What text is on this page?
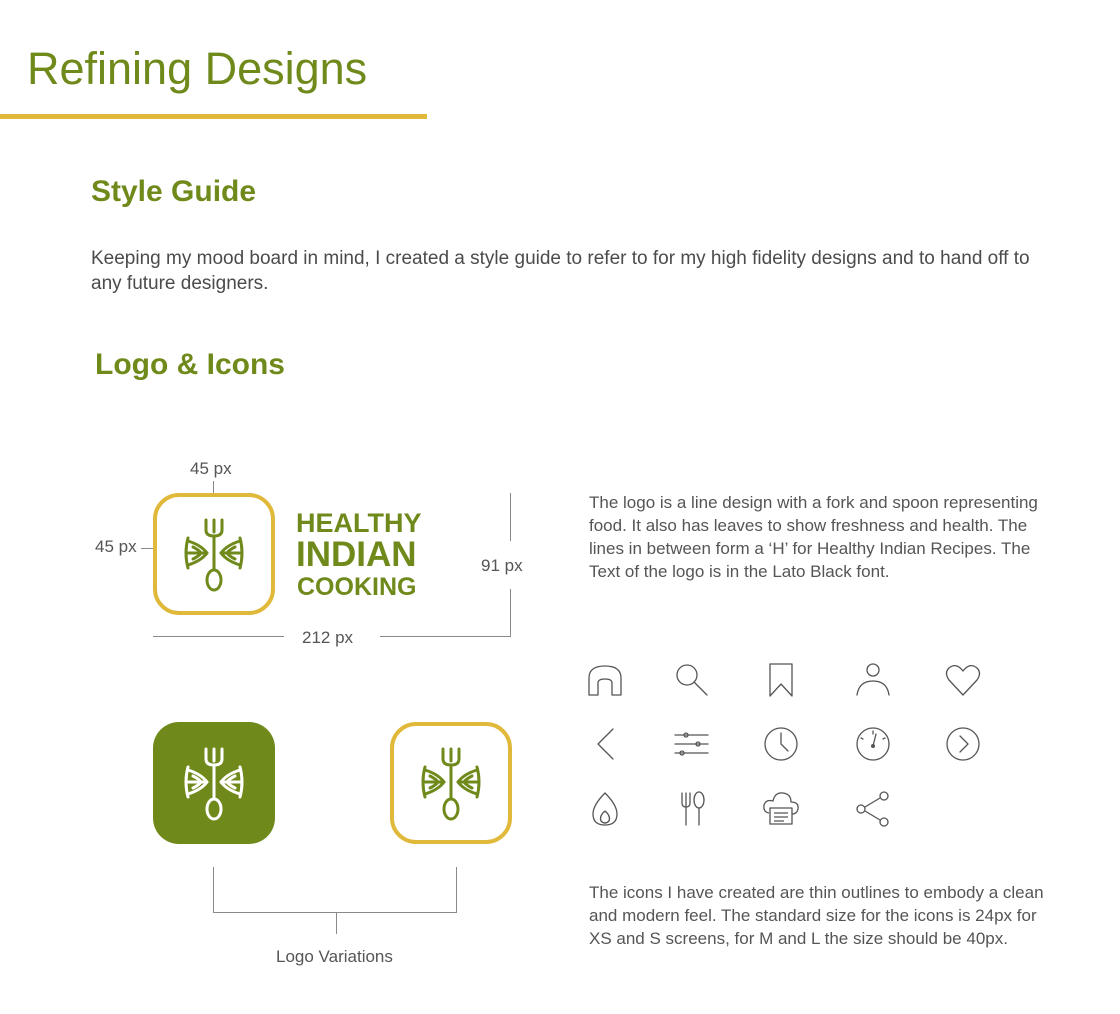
Refining Designs
Style Guide

Keeping my mood board in mind, I created a style guide to refer to for my high fidelity designs and to hand off to any future designers.

Logo & Icons
45 px
45 px
91 px
212 px
HEALTHY
INDIAN
COOKING

The logo is a line design with a fork and spoon representing food. It also has leaves to show freshness and health. The lines in between form a ‘H’ for Healthy Indian Recipes. The Text of the logo is in the Lato Black font.

Logo Variations

The icons I have created are thin outlines to embody a clean and modern feel. The standard size for the icons is 24px for XS and S screens, for M and L the size should be 40px.
